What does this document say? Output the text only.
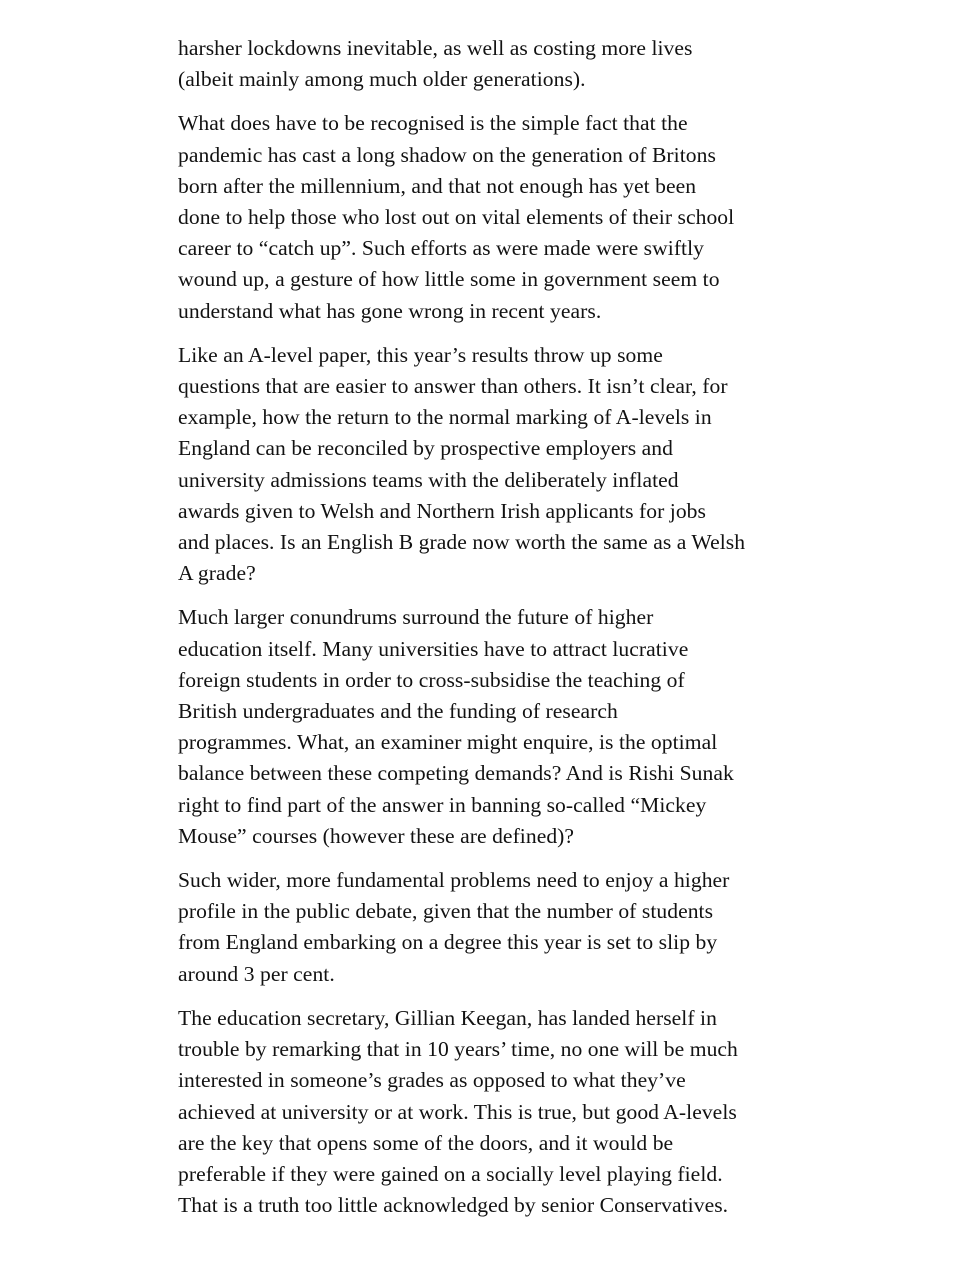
harsher lockdowns inevitable, as well as costing more lives
(albeit mainly among much older generations).

What does have to be recognised is the simple fact that the
pandemic has cast a long shadow on the generation of Britons
born after the millennium, and that not enough has yet been
done to help those who lost out on vital elements of their school
career to “catch up”. Such efforts as were made were swiftly
wound up, a gesture of how little some in government seem to
understand what has gone wrong in recent years.

Like an A-level paper, this year’s results throw up some
questions that are easier to answer than others. It isn’t clear, for
example, how the return to the normal marking of A-levels in
England can be reconciled by prospective employers and
university admissions teams with the deliberately inflated
awards given to Welsh and Northern Irish applicants for jobs
and places. Is an English B grade now worth the same as a Welsh
A grade?

Much larger conundrums surround the future of higher
education itself. Many universities have to attract lucrative
foreign students in order to cross-subsidise the teaching of
British undergraduates and the funding of research
programmes. What, an examiner might enquire, is the optimal
balance between these competing demands? And is Rishi Sunak
right to find part of the answer in banning so-called “Mickey
Mouse” courses (however these are defined)?

Such wider, more fundamental problems need to enjoy a higher
profile in the public debate, given that the number of students
from England embarking on a degree this year is set to slip by
around 3 per cent.

The education secretary, Gillian Keegan, has landed herself in
trouble by remarking that in 10 years’ time, no one will be much
interested in someone’s grades as opposed to what they’ve
achieved at university or at work. This is true, but good A-levels
are the key that opens some of the doors, and it would be
preferable if they were gained on a socially level playing field.
That is a truth too little acknowledged by senior Conservatives.
